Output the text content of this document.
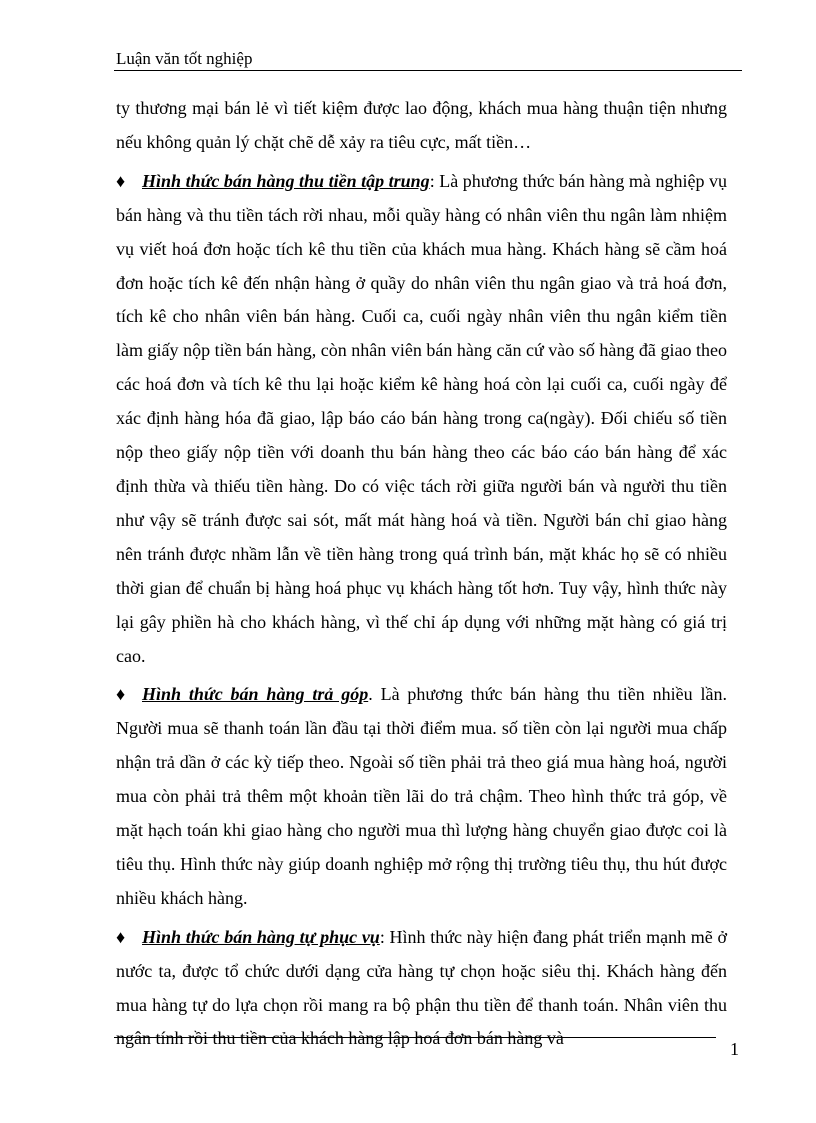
Luận văn tốt nghiệp

ty thương mại bán lẻ vì tiết kiệm được lao động, khách mua hàng thuận tiện nhưng nếu không quản lý chặt chẽ dễ xảy ra tiêu cực, mất tiền…

♦ Hình thức bán hàng thu tiền tập trung: Là phương thức bán hàng mà nghiệp vụ bán hàng và thu tiền tách rời nhau, mỗi quầy hàng có nhân viên thu ngân làm nhiệm vụ viết hoá đơn hoặc tích kê thu tiền của khách mua hàng. Khách hàng sẽ cầm hoá đơn hoặc tích kê đến nhận hàng ở quầy do nhân viên thu ngân giao và trả hoá đơn, tích kê cho nhân viên bán hàng. Cuối ca, cuối ngày nhân viên thu ngân kiểm tiền làm giấy nộp tiền bán hàng, còn nhân viên bán hàng căn cứ vào số hàng đã giao theo các hoá đơn và tích kê thu lại hoặc kiểm kê hàng hoá còn lại cuối ca, cuối ngày để xác định hàng hóa đã giao, lập báo cáo bán hàng trong ca(ngày). Đối chiếu số tiền nộp theo giấy nộp tiền với doanh thu bán hàng theo các báo cáo bán hàng để xác định thừa và thiếu tiền hàng. Do có việc tách rời giữa người bán và người thu tiền như vậy sẽ tránh được sai sót, mất mát hàng hoá và tiền. Người bán chỉ giao hàng nên tránh được nhầm lẫn về tiền hàng trong quá trình bán, mặt khác họ sẽ có nhiều thời gian để chuẩn bị hàng hoá phục vụ khách hàng tốt hơn. Tuy vậy, hình thức này lại gây phiền hà cho khách hàng, vì thế chỉ áp dụng với những mặt hàng có giá trị cao.

♦ Hình thức bán hàng trả góp. Là phương thức bán hàng thu tiền nhiều lần. Người mua sẽ thanh toán lần đầu tại thời điểm mua. số tiền còn lại người mua chấp nhận trả dần ở các kỳ tiếp theo. Ngoài số tiền phải trả theo giá mua hàng hoá, người mua còn phải trả thêm một khoản tiền lãi do trả chậm. Theo hình thức trả góp, về mặt hạch toán khi giao hàng cho người mua thì lượng hàng chuyển giao được coi là tiêu thụ. Hình thức này giúp doanh nghiệp mở rộng thị trường tiêu thụ, thu hút được nhiều khách hàng.

♦ Hình thức bán hàng tự phục vụ: Hình thức này hiện đang phát triển mạnh mẽ ở nước ta, được tổ chức dưới dạng cửa hàng tự chọn hoặc siêu thị. Khách hàng đến mua hàng tự do lựa chọn rồi mang ra bộ phận thu tiền để thanh toán. Nhân viên thu ngân tính rồi thu tiền của khách hàng lập hoá đơn bán hàng và

1
